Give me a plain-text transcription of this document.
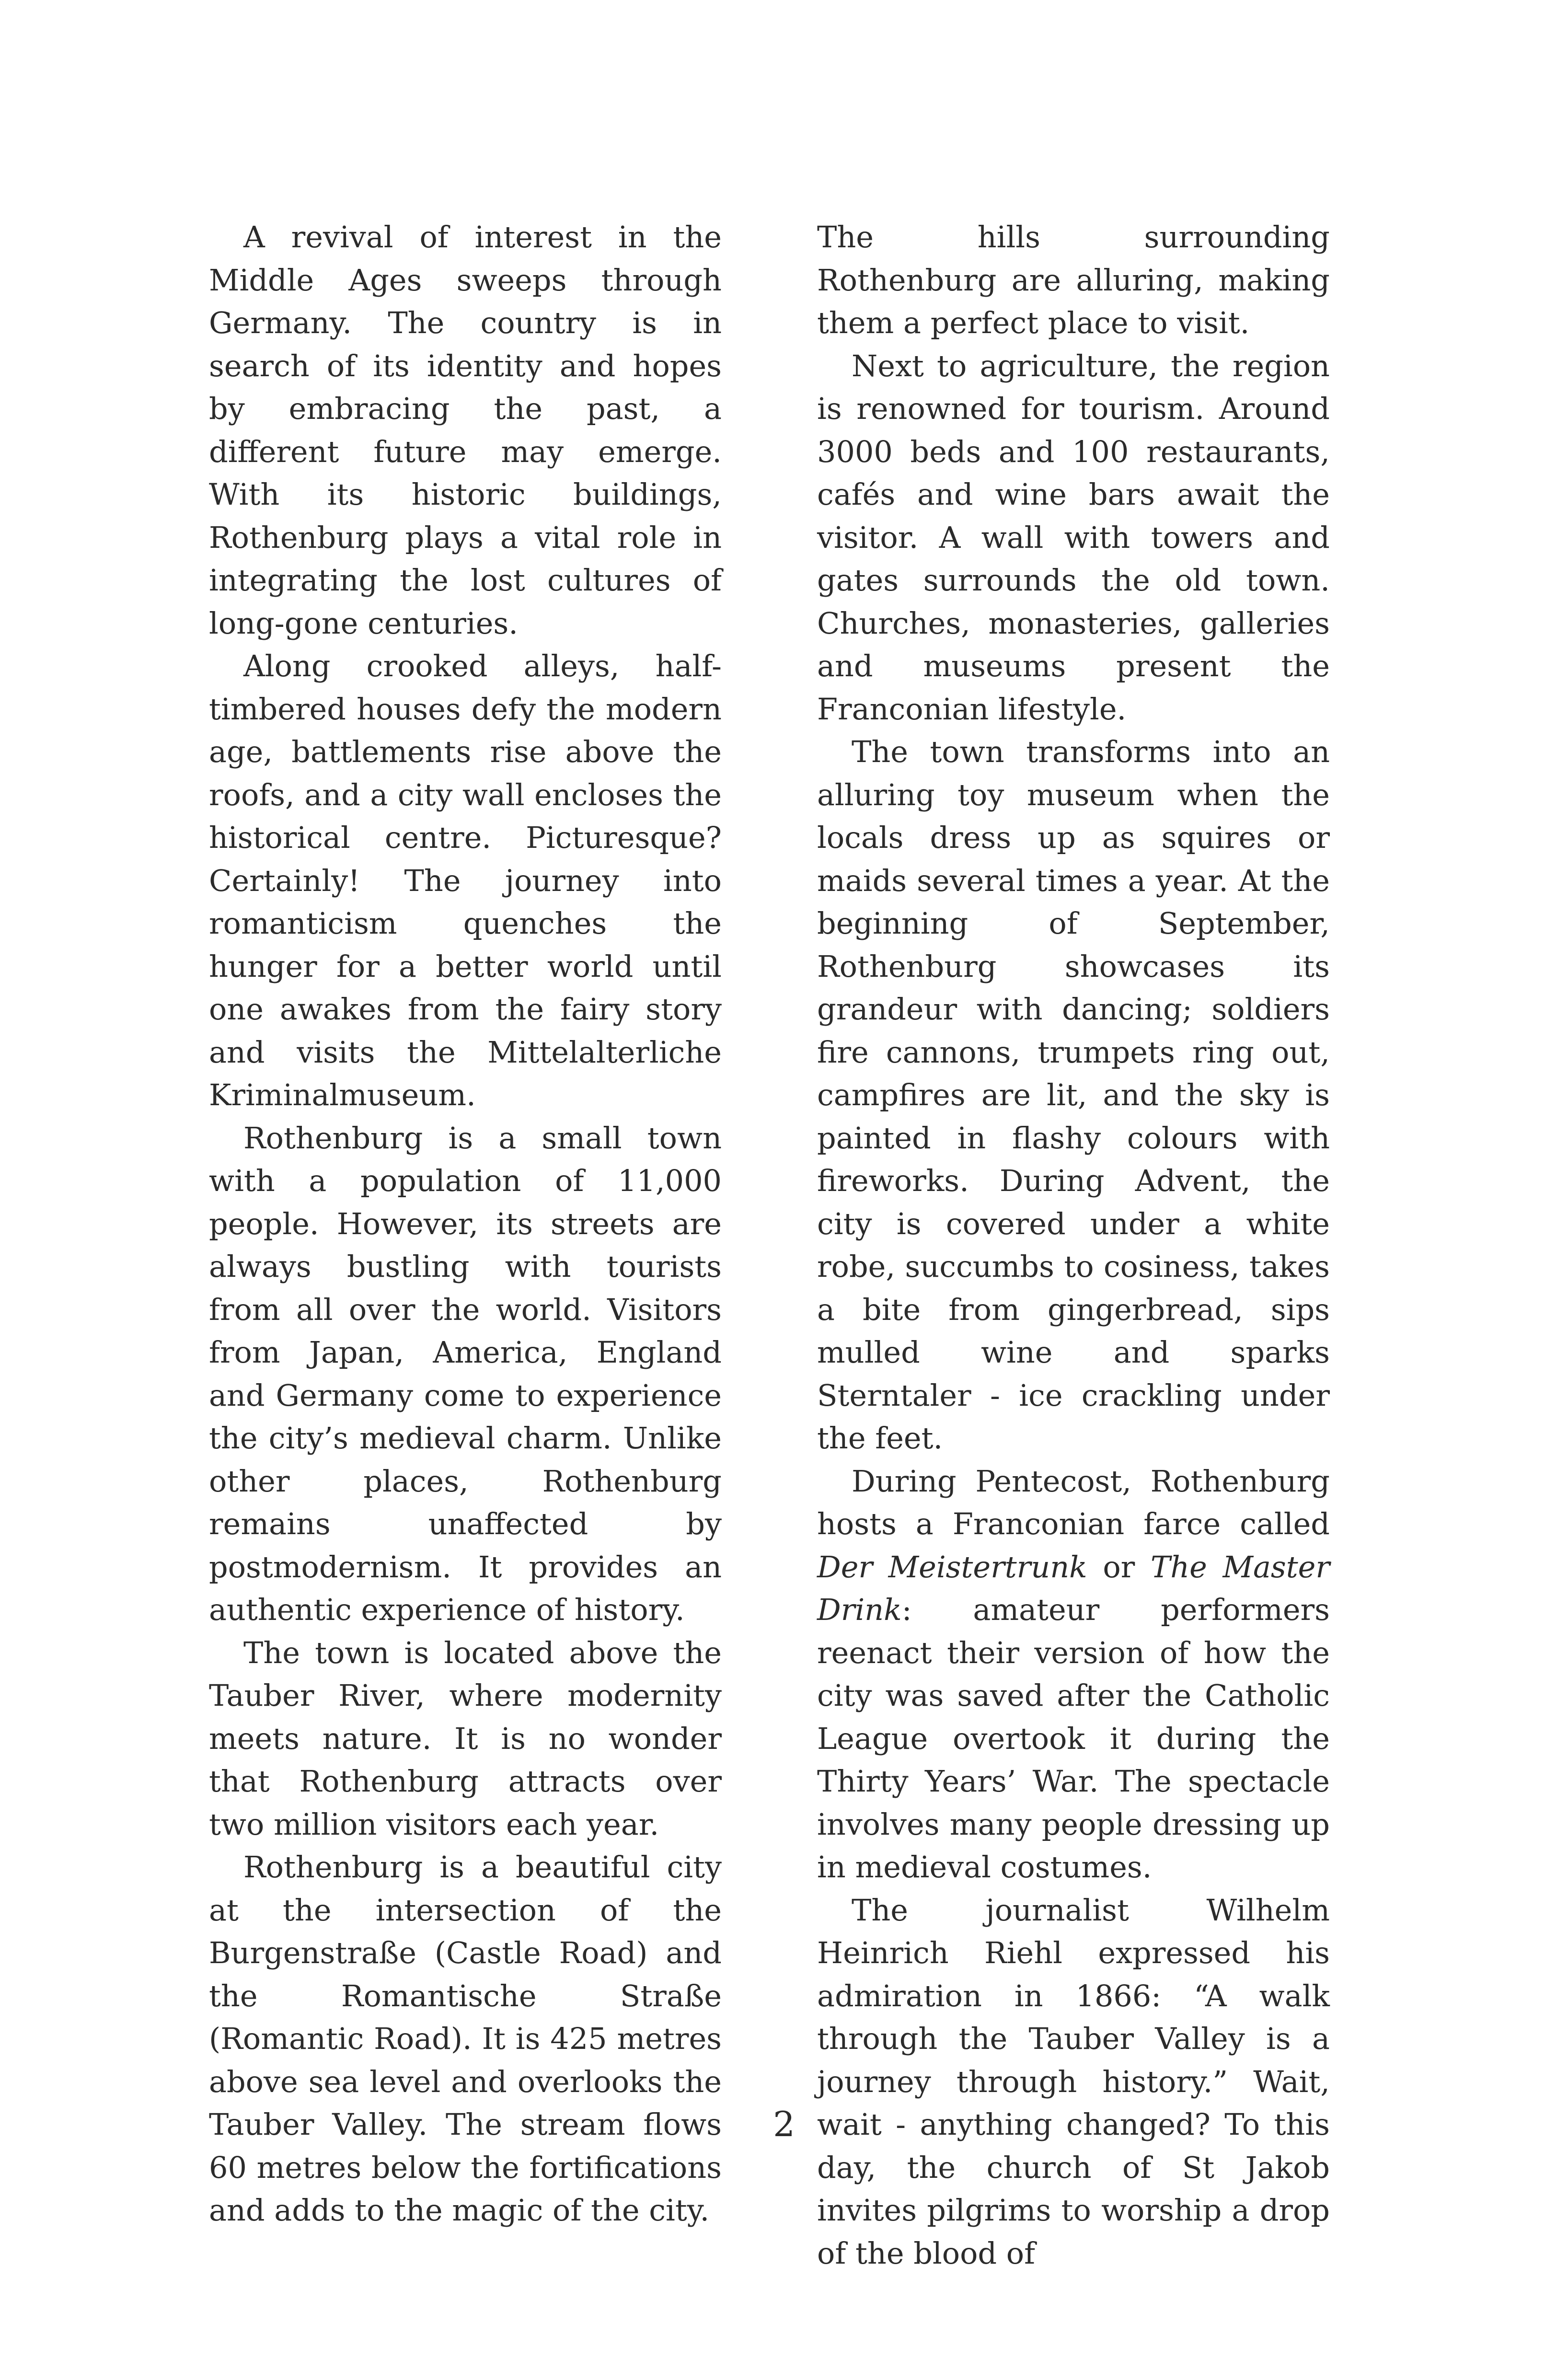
A revival of interest in the Middle Ages sweeps through Germany. The country is in search of its identity and hopes by embracing the past, a different future may emerge. With its historic buildings, Rothenburg plays a vital role in integrating the lost cultures of long-gone centuries.

Along crooked alleys, half-timbered houses defy the modern age, battlements rise above the roofs, and a city wall encloses the historical centre. Picturesque? Certainly! The journey into romanticism quenches the hunger for a better world until one awakes from the fairy story and visits the Mittelalterliche Kriminalmuseum.

Rothenburg is a small town with a population of 11,000 people. However, its streets are always bustling with tourists from all over the world. Visitors from Japan, America, England and Germany come to experience the city’s medieval charm. Unlike other places, Rothenburg remains unaffected by postmodernism. It provides an authentic experience of history.

The town is located above the Tauber River, where modernity meets nature. It is no wonder that Rothenburg attracts over two million visitors each year.

Rothenburg is a beautiful city at the intersection of the Burgenstraße (Castle Road) and the Romantische Straße (Romantic Road). It is 425 metres above sea level and overlooks the Tauber Valley. The stream flows 60 metres below the fortifications and adds to the magic of the city.

The hills surrounding Rothenburg are alluring, making them a perfect place to visit.

Next to agriculture, the region is renowned for tourism. Around 3000 beds and 100 restaurants, cafés and wine bars await the visitor. A wall with towers and gates surrounds the old town. Churches, monasteries, galleries and museums present the Franconian lifestyle.

The town transforms into an alluring toy museum when the locals dress up as squires or maids several times a year. At the beginning of September, Rothenburg showcases its grandeur with dancing; soldiers fire cannons, trumpets ring out, campfires are lit, and the sky is painted in flashy colours with fireworks. During Advent, the city is covered under a white robe, succumbs to cosiness, takes a bite from gingerbread, sips mulled wine and sparks Sterntaler - ice crackling under the feet.

During Pentecost, Rothenburg hosts a Franconian farce called Der Meistertrunk or The Master Drink: amateur performers reenact their version of how the city was saved after the Catholic League overtook it during the Thirty Years’ War. The spectacle involves many people dressing up in medieval costumes.

The journalist Wilhelm Heinrich Riehl expressed his admiration in 1866: “A walk through the Tauber Valley is a journey through history.” Wait, wait - anything changed? To this day, the church of St Jakob invites pilgrims to worship a drop of the blood of

2
